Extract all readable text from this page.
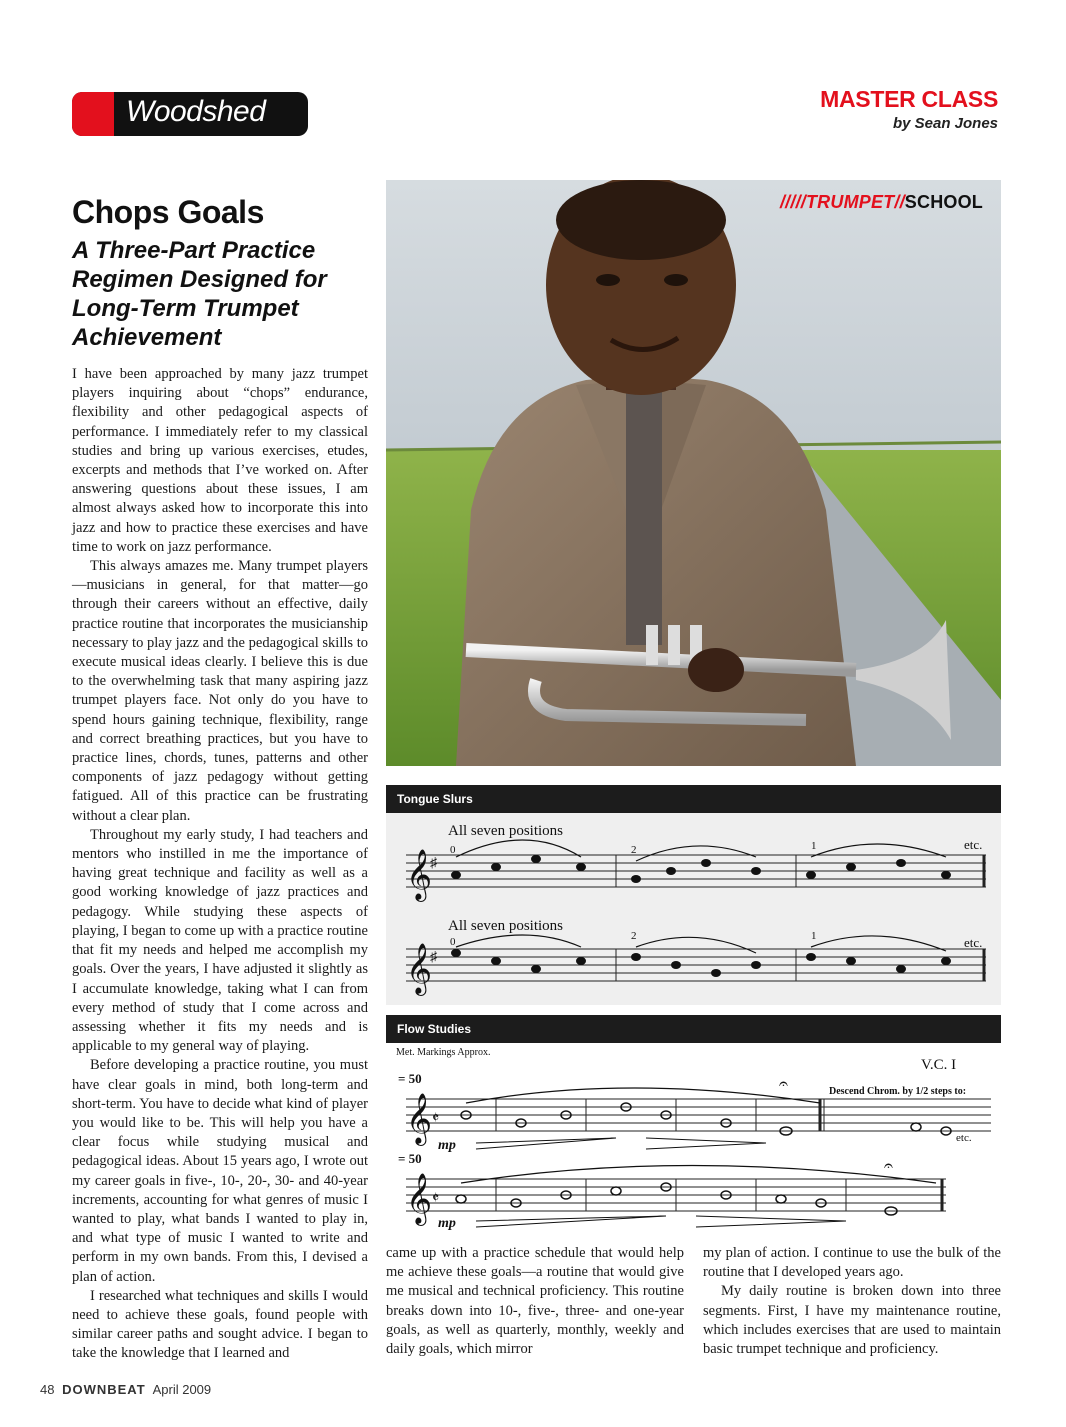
Woodshed	MASTER CLASS
by Sean Jones
Chops Goals
A Three-Part Practice Regimen Designed for Long-Term Trumpet Achievement

I have been approached by many jazz trumpet players inquiring about “chops” endurance, flexibility and other pedagogical aspects of performance. I immediately refer to my classical studies and bring up various exercises, etudes, excerpts and methods that I’ve worked on. After answering questions about these issues, I am almost always asked how to incorporate this into jazz and how to practice these exercises and have time to work on jazz performance.

This always amazes me. Many trumpet players—musicians in general, for that matter—go through their careers without an effective, daily practice routine that incorporates the musicianship necessary to play jazz and the pedagogical skills to execute musical ideas clearly. I believe this is due to the overwhelming task that many aspiring jazz trumpet players face. Not only do you have to spend hours gaining technique, flexibility, range and correct breathing practices, but you have to practice lines, chords, tunes, patterns and other components of jazz pedagogy without getting fatigued. All of this practice can be frustrating without a clear plan.

Throughout my early study, I had teachers and mentors who instilled in me the importance of having great technique and facility as well as a good working knowledge of jazz practices and pedagogy. While studying these aspects of playing, I began to come up with a practice routine that fit my needs and helped me accomplish my goals. Over the years, I have adjusted it slightly as I accumulate knowledge, taking what I can from every method of study that I come across and assessing whether it fits my needs and is applicable to my general way of playing.

Before developing a practice routine, you must have clear goals in mind, both long-term and short-term. You have to decide what kind of player you would like to be. This will help you have a clear focus while studying musical and pedagogical ideas. About 15 years ago, I wrote out my career goals in five-, 10-, 20-, 30- and 40-year increments, accounting for what genres of music I wanted to play, what bands I wanted to play in, and what type of music I wanted to write and perform in my own bands. From this, I devised a plan of action.

I researched what techniques and skills I would need to achieve these goals, found people with similar career paths and sought advice. I began to take the knowledge that I learned and

/////TRUMPET//SCHOOL
Tongue Slurs
All seven positions
0	2	1	etc.
𝄞
♯
All seven positions
0	2	1	etc.
𝄞
♯
Flow Studies
Met. Markings Approx.
V.C. I
= 50
Descend Chrom. by 1/2 steps to:
𝄞 𝄵
𝄐
etc.
mp
= 50
𝄞 𝄵
𝄐
mp

came up with a practice schedule that would help me achieve these goals—a routine that would give me musical and technical proficiency. This routine breaks down into 10-, five-, three- and one-year goals, as well as quarterly, monthly, weekly and daily goals, which mirror

my plan of action. I continue to use the bulk of the routine that I developed years ago.

My daily routine is broken down into three segments. First, I have my maintenance routine, which includes exercises that are used to maintain basic trumpet technique and proficiency.

48 DOWNBEAT April 2009
